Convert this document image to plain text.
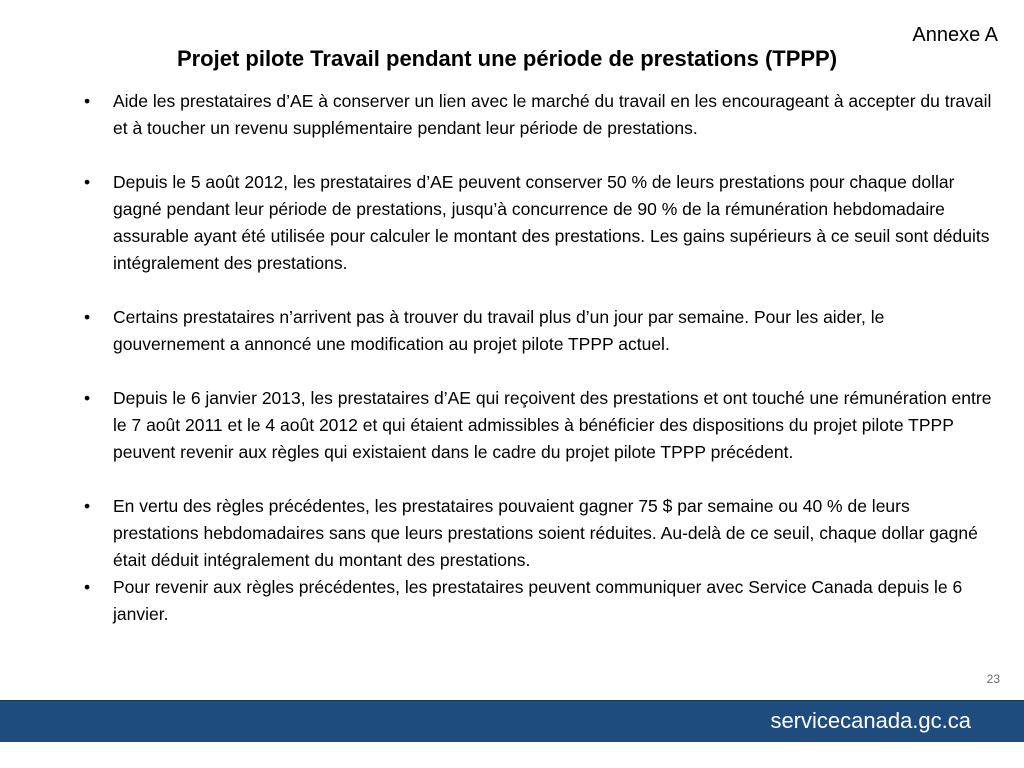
Annexe A
Projet pilote Travail pendant une période de prestations (TPPP)
• Aide les prestataires d’AE à conserver un lien avec le marché du travail en les encourageant à accepter du travail et à toucher un revenu supplémentaire pendant leur période de prestations.
• Depuis le 5 août 2012, les prestataires d’AE peuvent conserver 50 % de leurs prestations pour chaque dollar gagné pendant leur période de prestations, jusqu’à concurrence de 90 % de la rémunération hebdomadaire assurable ayant été utilisée pour calculer le montant des prestations. Les gains supérieurs à ce seuil sont déduits intégralement des prestations.
• Certains prestataires n’arrivent pas à trouver du travail plus d’un jour par semaine. Pour les aider, le gouvernement a annoncé une modification au projet pilote TPPP actuel.
• Depuis le 6 janvier 2013, les prestataires d’AE qui reçoivent des prestations et ont touché une rémunération entre le 7 août 2011 et le 4 août 2012 et qui étaient admissibles à bénéficier des dispositions du projet pilote TPPP peuvent revenir aux règles qui existaient dans le cadre du projet pilote TPPP précédent.
• En vertu des règles précédentes, les prestataires pouvaient gagner 75 $ par semaine ou 40 % de leurs prestations hebdomadaires sans que leurs prestations soient réduites. Au-delà de ce seuil, chaque dollar gagné était déduit intégralement du montant des prestations.
• Pour revenir aux règles précédentes, les prestataires peuvent communiquer avec Service Canada depuis le 6 janvier.
23
servicecanada.gc.ca
